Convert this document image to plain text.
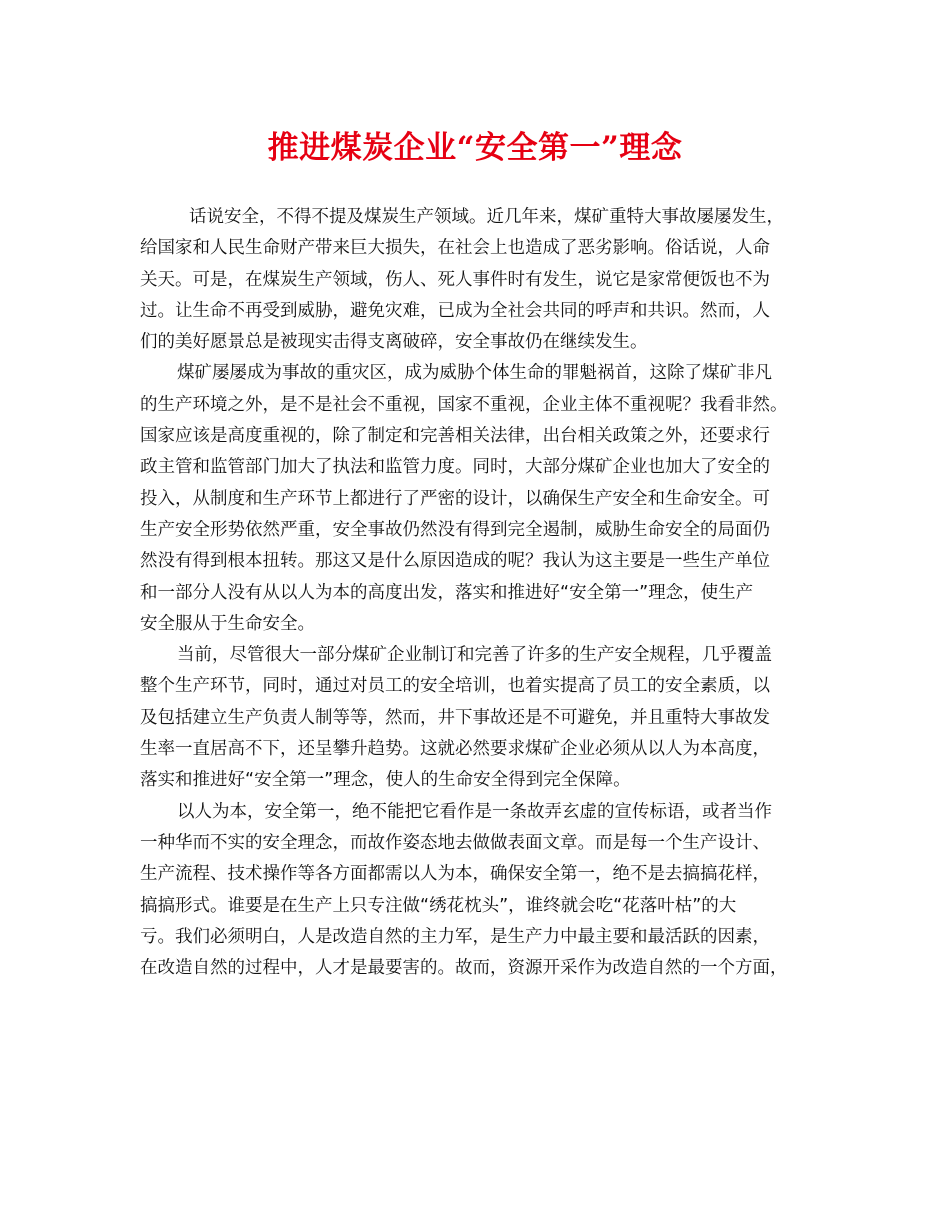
推进煤炭企业“安全第一”理念
话说安全，不得不提及煤炭生产领域。近几年来，煤矿重特大事故屡屡发生，
给国家和人民生命财产带来巨大损失，在社会上也造成了恶劣影响。俗话说，人命
关天。可是，在煤炭生产领域，伤人、死人事件时有发生，说它是家常便饭也不为
过。让生命不再受到威胁，避免灾难，已成为全社会共同的呼声和共识。然而，人
们的美好愿景总是被现实击得支离破碎，安全事故仍在继续发生。
煤矿屡屡成为事故的重灾区，成为威胁个体生命的罪魁祸首，这除了煤矿非凡
的生产环境之外，是不是社会不重视，国家不重视，企业主体不重视呢？我看非然。
国家应该是高度重视的，除了制定和完善相关法律，出台相关政策之外，还要求行
政主管和监管部门加大了执法和监管力度。同时，大部分煤矿企业也加大了安全的
投入，从制度和生产环节上都进行了严密的设计，以确保生产安全和生命安全。可
生产安全形势依然严重，安全事故仍然没有得到完全遏制，威胁生命安全的局面仍
然没有得到根本扭转。那这又是什么原因造成的呢？我认为这主要是一些生产单位
和一部分人没有从以人为本的高度出发，落实和推进好“安全第一”理念，使生产
安全服从于生命安全。
当前，尽管很大一部分煤矿企业制订和完善了许多的生产安全规程，几乎覆盖
整个生产环节，同时，通过对员工的安全培训，也着实提高了员工的安全素质，以
及包括建立生产负责人制等等，然而，井下事故还是不可避免，并且重特大事故发
生率一直居高不下，还呈攀升趋势。这就必然要求煤矿企业必须从以人为本高度，
落实和推进好“安全第一”理念，使人的生命安全得到完全保障。
以人为本，安全第一，绝不能把它看作是一条故弄玄虚的宣传标语，或者当作
一种华而不实的安全理念，而故作姿态地去做做表面文章。而是每一个生产设计、
生产流程、技术操作等各方面都需以人为本，确保安全第一，绝不是去搞搞花样，
搞搞形式。谁要是在生产上只专注做“绣花枕头”，谁终就会吃“花落叶枯”的大
亏。我们必须明白，人是改造自然的主力军，是生产力中最主要和最活跃的因素，
在改造自然的过程中，人才是最要害的。故而，资源开采作为改造自然的一个方面，
